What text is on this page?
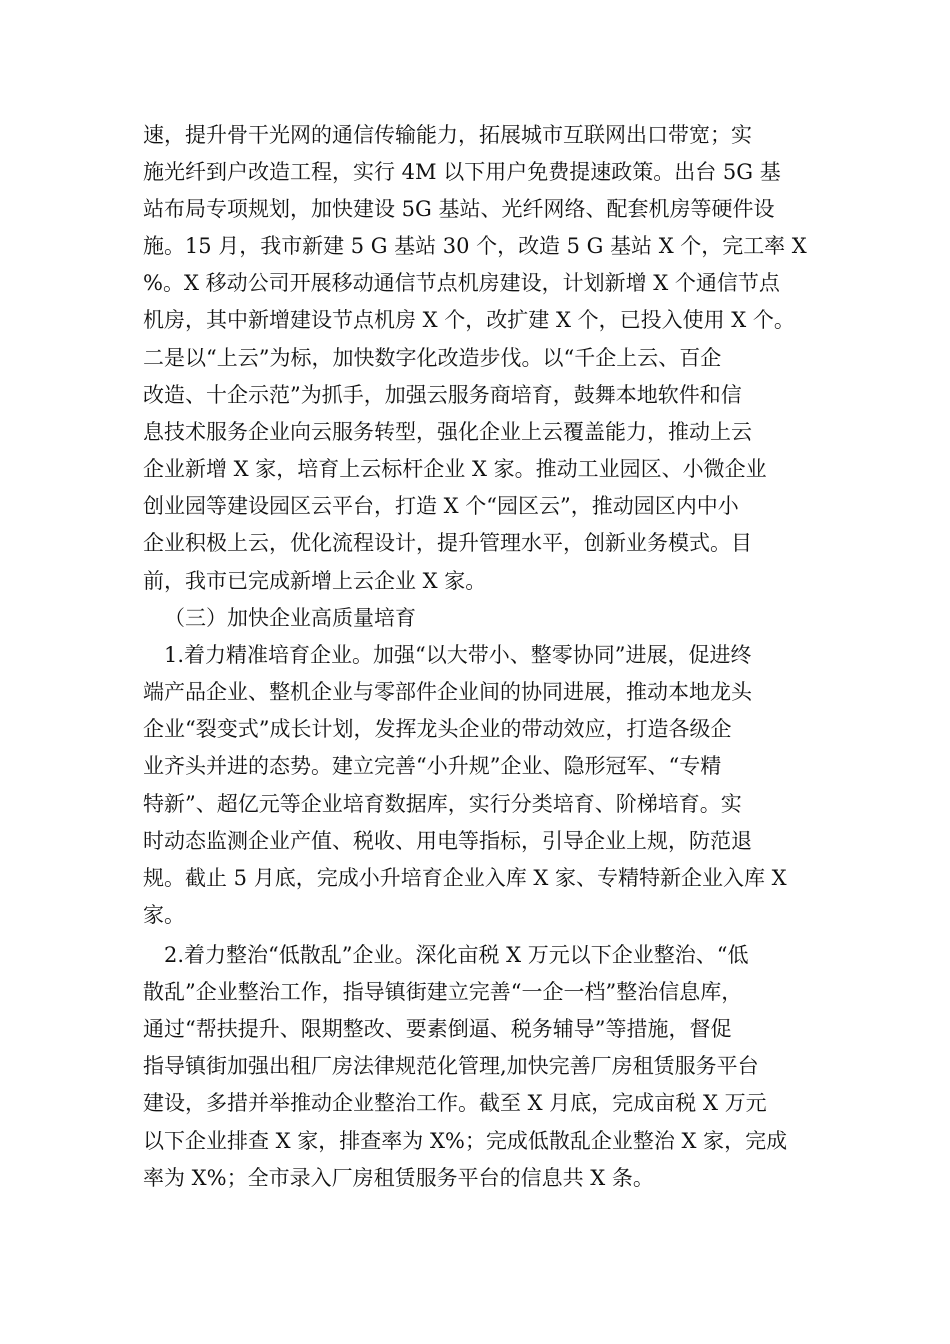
速，提升骨干光网的通信传输能力，拓展城市互联网出口带宽；实
施光纤到户改造工程，实行 4M 以下用户免费提速政策。出台 5G 基
站布局专项规划，加快建设 5G 基站、光纤网络、配套机房等硬件设
施。15 月，我市新建 5 G 基站 30 个，改造 5 G 基站 X 个，完工率 X
%。X 移动公司开展移动通信节点机房建设，计划新增 X 个通信节点
机房，其中新增建设节点机房 X 个，改扩建 X 个，已投入使用 X 个。
二是以“上云”为标，加快数字化改造步伐。以“千企上云、百企
改造、十企示范”为抓手，加强云服务商培育，鼓舞本地软件和信
息技术服务企业向云服务转型，强化企业上云覆盖能力，推动上云
企业新增 X 家，培育上云标杆企业 X 家。推动工业园区、小微企业
创业园等建设园区云平台，打造 X 个“园区云”，推动园区内中小
企业积极上云，优化流程设计，提升管理水平，创新业务模式。目
前，我市已完成新增上云企业 X 家。
（三）加快企业高质量培育
1.着力精准培育企业。加强“以大带小、整零协同”进展，促进终
端产品企业、整机企业与零部件企业间的协同进展，推动本地龙头
企业“裂变式”成长计划，发挥龙头企业的带动效应，打造各级企
业齐头并进的态势。建立完善“小升规”企业、隐形冠军、“专精
特新”、超亿元等企业培育数据库，实行分类培育、阶梯培育。实
时动态监测企业产值、税收、用电等指标，引导企业上规，防范退
规。截止 5 月底，完成小升培育企业入库 X 家、专精特新企业入库 X
家。
2.着力整治“低散乱”企业。深化亩税 X 万元以下企业整治、“低
散乱”企业整治工作，指导镇街建立完善“一企一档”整治信息库，
通过“帮扶提升、限期整改、要素倒逼、税务辅导”等措施，督促
指导镇街加强出租厂房法律规范化管理,加快完善厂房租赁服务平台
建设，多措并举推动企业整治工作。截至 X 月底，完成亩税 X 万元
以下企业排查 X 家，排查率为 X%；完成低散乱企业整治 X 家，完成
率为 X%；全市录入厂房租赁服务平台的信息共 X 条。
